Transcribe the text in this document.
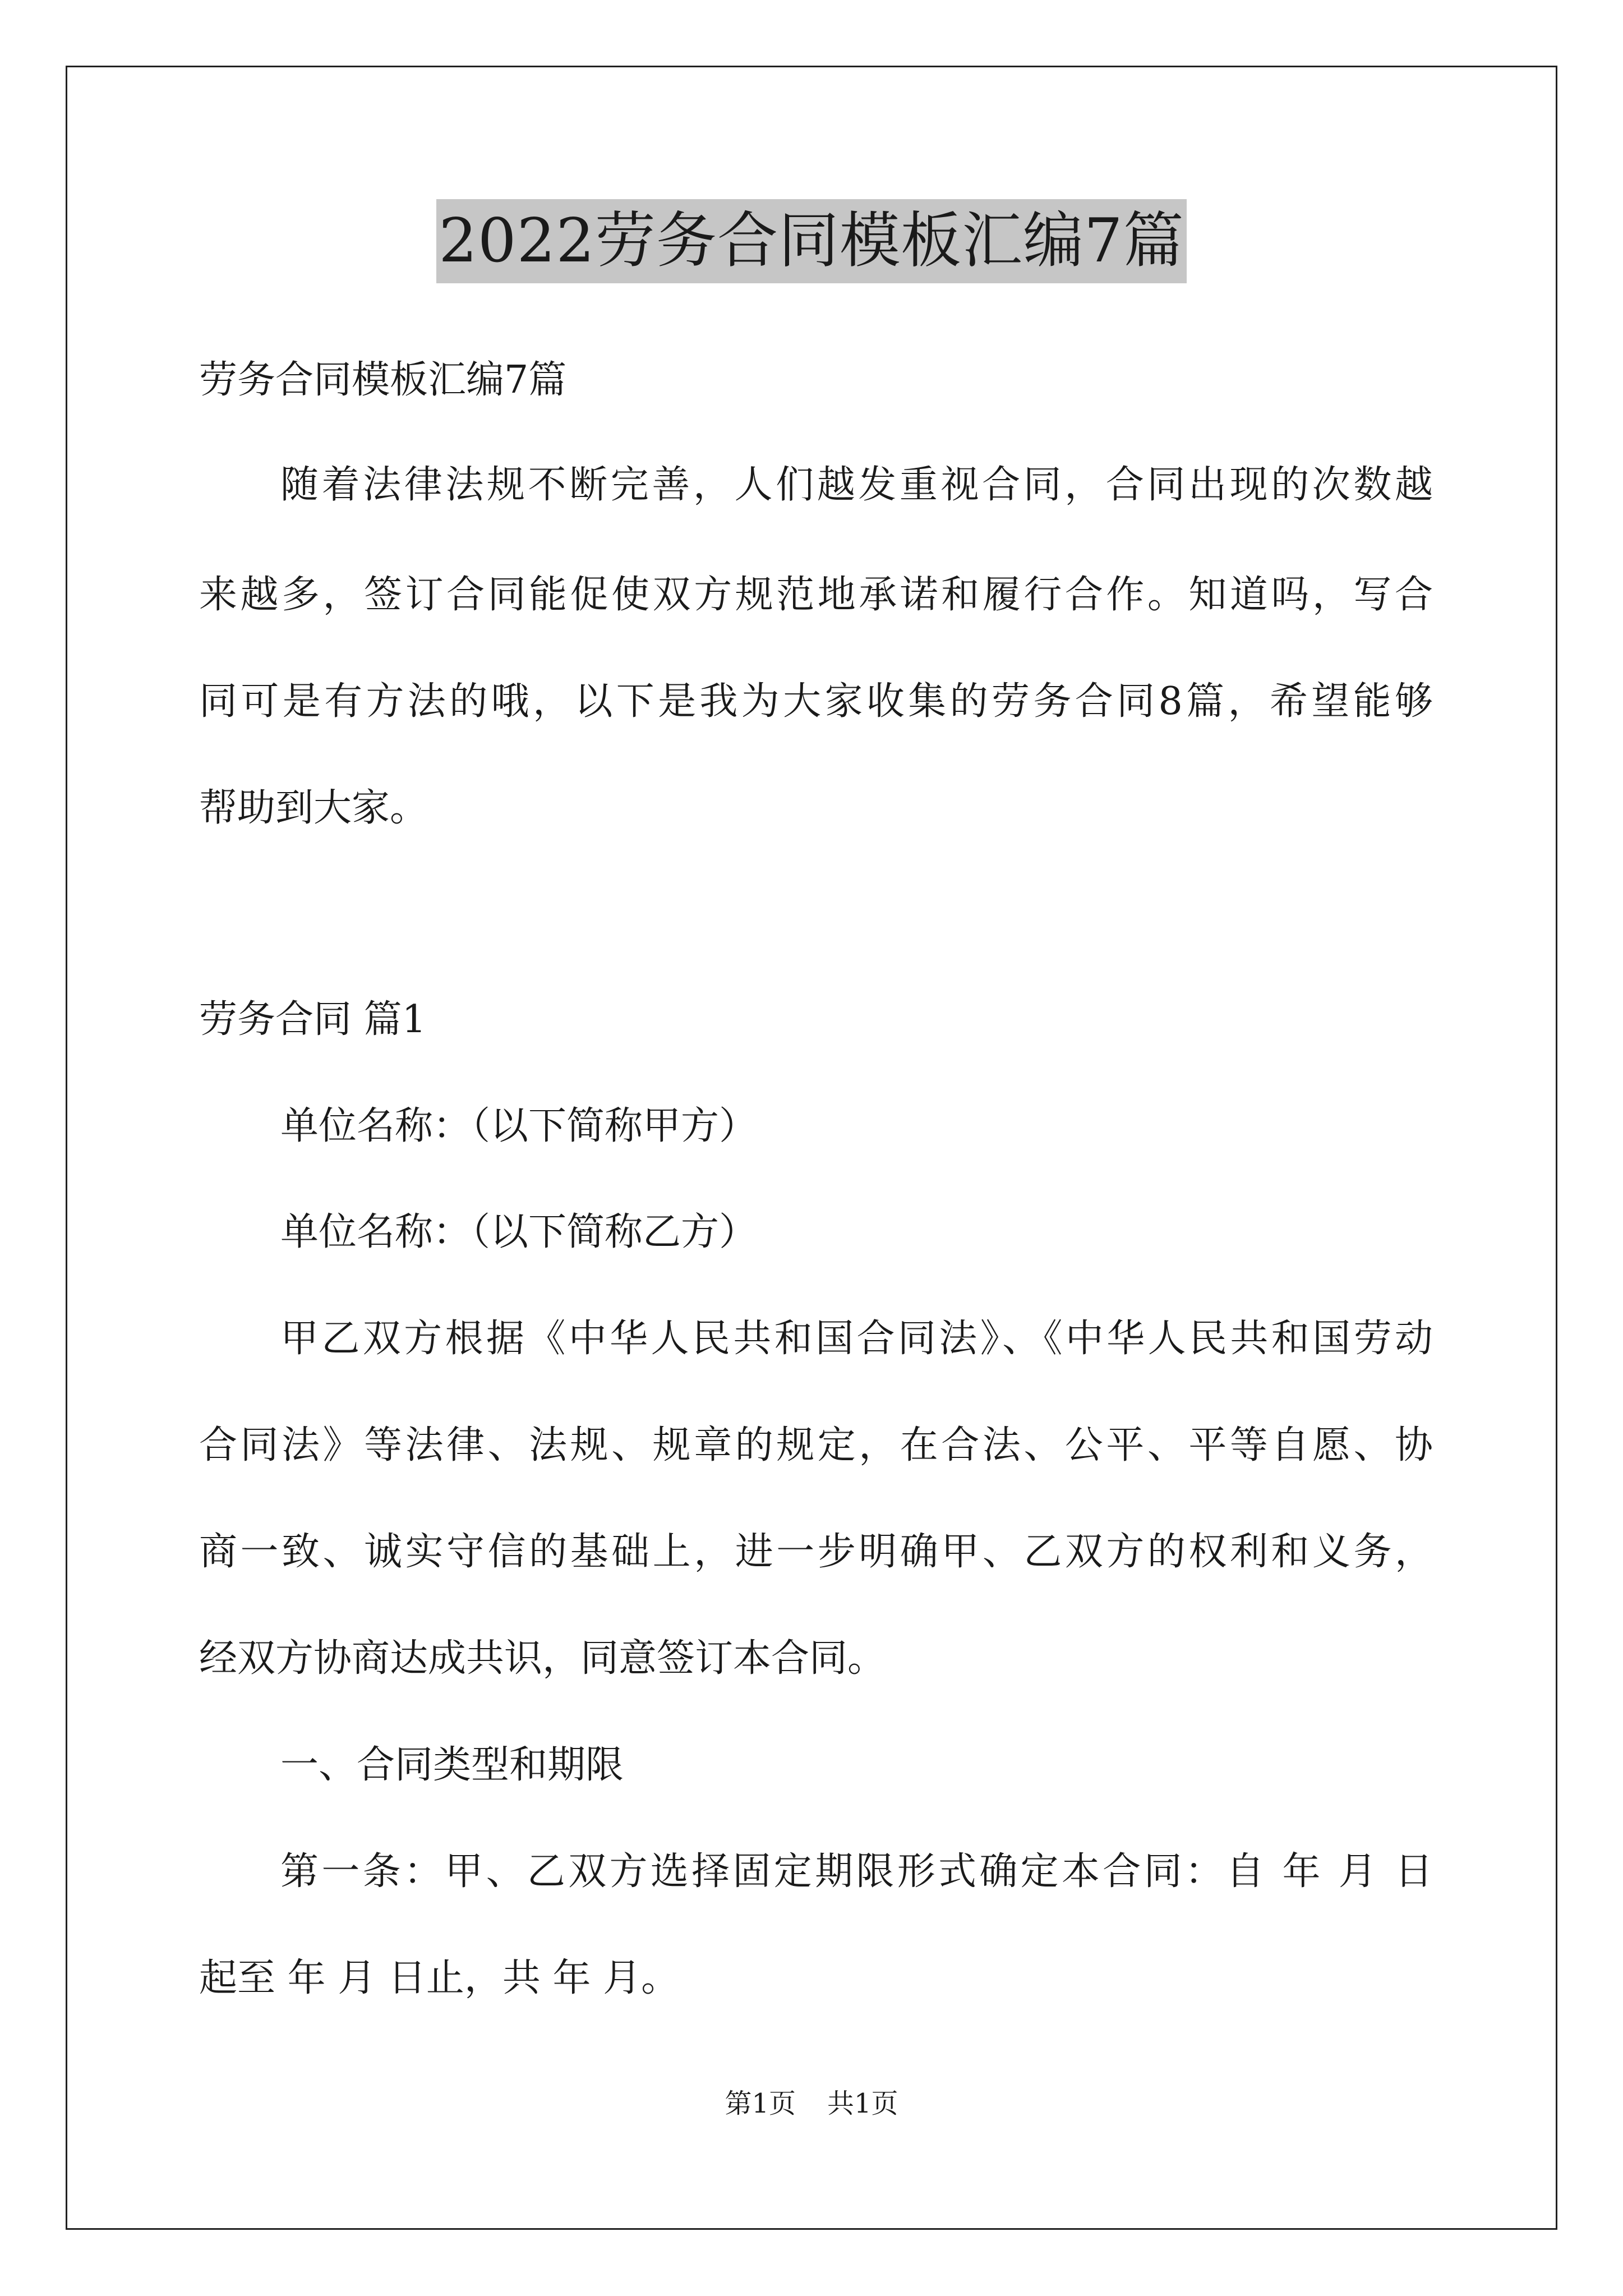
2022劳务合同模板汇编7篇
劳务合同模板汇编7篇
随着法律法规不断完善，人们越发重视合同，合同出现的次数越
来越多，签订合同能促使双方规范地承诺和履行合作。知道吗，写合
同可是有方法的哦，以下是我为大家收集的劳务合同8篇，希望能够
帮助到大家。
劳务合同 篇1
单位名称：（以下简称甲方）
单位名称：（以下简称乙方）
甲乙双方根据《中华人民共和国合同法》、《中华人民共和国劳动
合同法》等法律、法规、规章的规定，在合法、公平、平等自愿、协
商一致、诚实守信的基础上，进一步明确甲、乙双方的权利和义务，
经双方协商达成共识，同意签订本合同。
一、合同类型和期限
第一条：甲、乙双方选择固定期限形式确定本合同：自 年 月 日
起至 年 月 日止，共 年 月。
第1页 共1页
